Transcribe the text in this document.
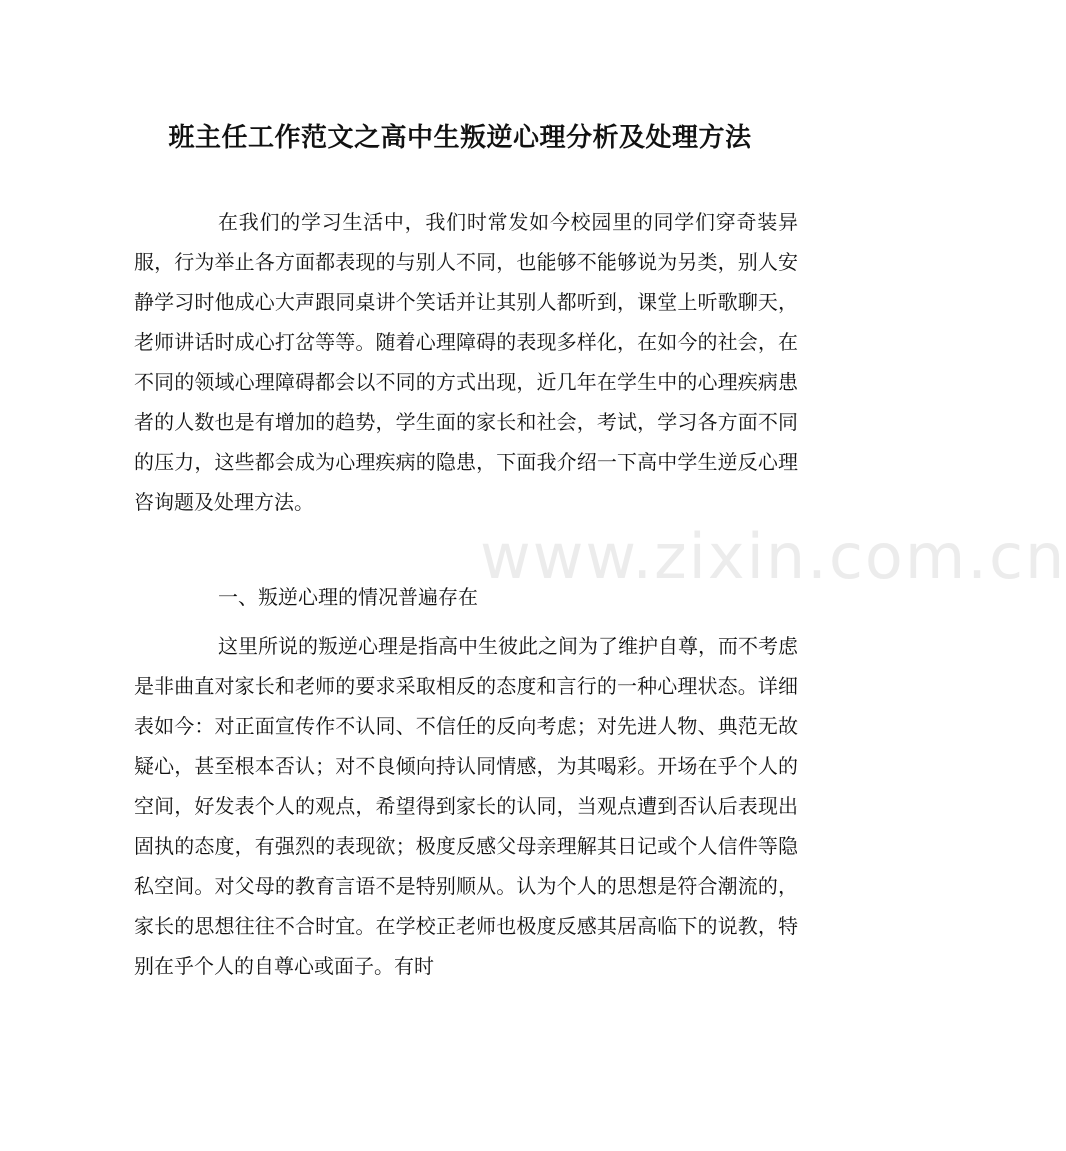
班主任工作范文之高中生叛逆心理分析及处理方法

在我们的学习生活中，我们时常发如今校园里的同学们穿奇装异服，行为举止各方面都表现的与别人不同，也能够不能够说为另类，别人安静学习时他成心大声跟同桌讲个笑话并让其别人都听到，课堂上听歌聊天，老师讲话时成心打岔等等。随着心理障碍的表现多样化，在如今的社会，在不同的领域心理障碍都会以不同的方式出现，近几年在学生中的心理疾病患者的人数也是有增加的趋势，学生面的家长和社会，考试，学习各方面不同的压力，这些都会成为心理疾病的隐患，下面我介绍一下高中学生逆反心理咨询题及处理方法。

一、叛逆心理的情况普遍存在

这里所说的叛逆心理是指高中生彼此之间为了维护自尊，而不考虑是非曲直对家长和老师的要求采取相反的态度和言行的一种心理状态。详细表如今：对正面宣传作不认同、不信任的反向考虑；对先进人物、典范无故疑心，甚至根本否认；对不良倾向持认同情感，为其喝彩。开场在乎个人的空间，好发表个人的观点，希望得到家长的认同，当观点遭到否认后表现出固执的态度，有强烈的表现欲；极度反感父母亲理解其日记或个人信件等隐私空间。对父母的教育言语不是特别顺从。认为个人的思想是符合潮流的，家长的思想往往不合时宜。在学校正老师也极度反感其居高临下的说教，特别在乎个人的自尊心或面子。有时

www.zixin.com.cn
